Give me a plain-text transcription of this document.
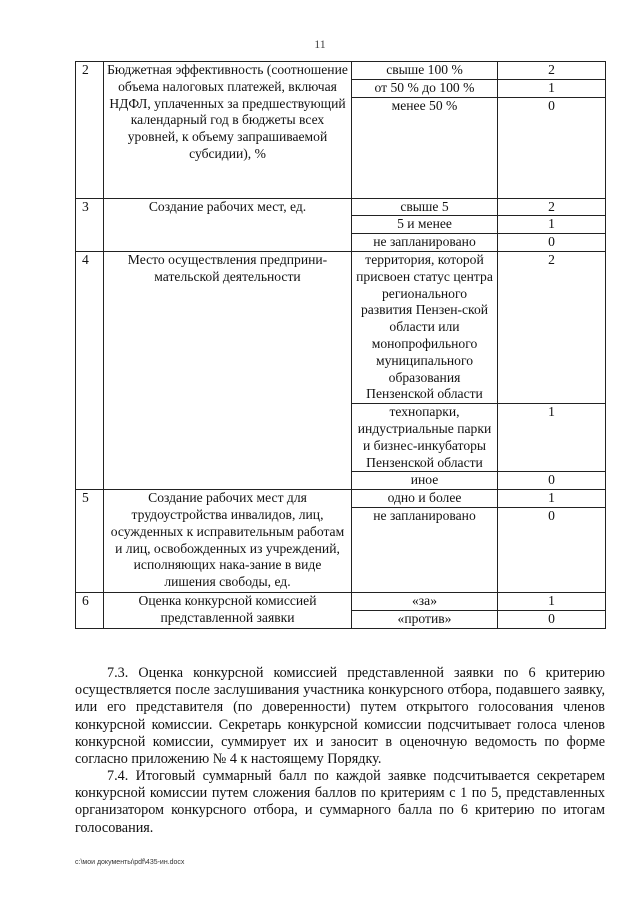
11
2	Бюджетная эффективность (соотношение объема налоговых платежей, включая НДФЛ, уплаченных за предшествующий календарный год в бюджеты всех уровней, к объему запрашиваемой субсидии), %	свыше 100 %	2
		от 50 % до 100 %	1
		менее 50 %	0
3	Создание рабочих мест, ед.	свыше 5	2
		5 и менее	1
		не запланировано	0
4	Место осуществления предприни-мательской деятельности	территория, которой присвоен статус центра регионального развития Пензен-ской области или монопрофильного муниципального образования Пензенской области	2
		технопарки, индустриальные парки и бизнес-инкубаторы Пензенской области	1
		иное	0
5	Создание рабочих мест для трудоустройства инвалидов, лиц, осужденных к исправительным работам и лиц, освобожденных из учреждений, исполняющих нака-зание в виде лишения свободы, ед.	одно и более	1
		не запланировано	0
6	Оценка конкурсной комиссией представленной заявки	«за»	1
		«против»	0

7.3. Оценка конкурсной комиссией представленной заявки по 6 критерию осуществляется после заслушивания участника конкурсного отбора, подавшего заявку, или его представителя (по доверенности) путем открытого голосования членов конкурсной комиссии. Секретарь конкурсной комиссии подсчитывает голоса членов конкурсной комиссии, суммирует их и заносит в оценочную ведомость по форме согласно приложению № 4 к настоящему Порядку.

7.4. Итоговый суммарный балл по каждой заявке подсчитывается секретарем конкурсной комиссии путем сложения баллов по критериям с 1 по 5, представленных организатором конкурсного отбора, и суммарного балла по 6 критерию по итогам голосования.

c:\мои документы\pdf\435-ин.docx
